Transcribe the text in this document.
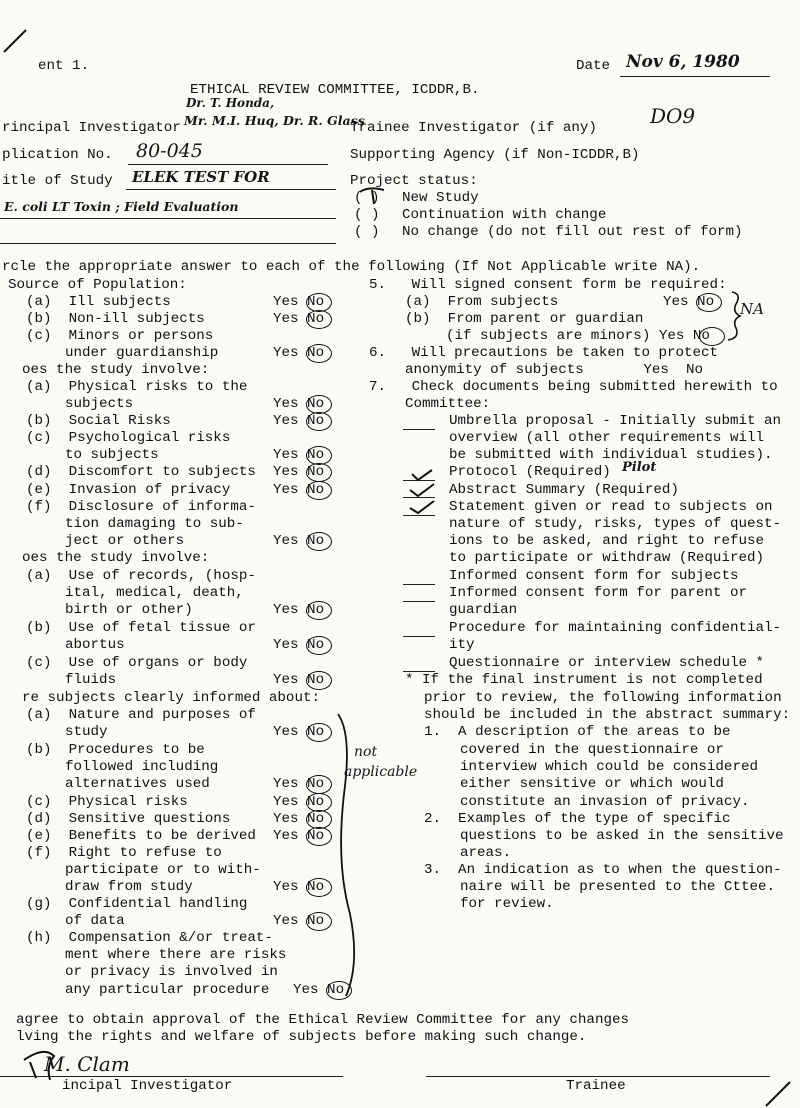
ent 1.	Date Nov 6, 1980
ETHICAL REVIEW COMMITTEE, ICDDR,B.
Dr. T. Honda,
rincipal Investigator Mr. M.I. Huq, Dr. R. Glass
Trainee Investigator (if any)	DO9
plication No. 80-045	Supporting Agency (if Non-ICDDR,B)
itle of Study ELEK TEST FOR	Project status:
E. coli LT Toxin ; Field Evaluation
( ) New Study
( ) Continuation with change
( ) No change (do not fill out rest of form)
rcle the appropriate answer to each of the following (If Not Applicable write NA).
Source of Population:
(a)  Ill subjects	Yes No
(b)  Non-ill subjects	Yes No
(c)  Minors or persons
under guardianship	Yes No
oes the study involve:
(a)  Physical risks to the
subjects	Yes No
(b)  Social Risks	Yes No
(c)  Psychological risks
to subjects	Yes No
(d)  Discomfort to subjects Yes No
(e)  Invasion of privacy	Yes No
(f)  Disclosure of informa-
tion damaging to sub-
ject or others	Yes No
oes the study involve:
(a)  Use of records, (hosp-
ital, medical, death,
birth or other)	Yes No
(b)  Use of fetal tissue or
abortus	Yes No
(c)  Use of organs or body
fluids	Yes No
re subjects clearly informed about:
(a)  Nature and purposes of
study	Yes No
(b)  Procedures to be
followed including
alternatives used	Yes No
(c)  Physical risks	Yes No
(d)  Sensitive questions	Yes No
(e)  Benefits to be derived Yes No
(f)  Right to refuse to
participate or to with-
draw from study	Yes No
(g)  Confidential handling
of data	Yes No
(h)  Compensation &/or treat-
ment where there are risks
or privacy is involved in
any particular procedure Yes No
5.   Will signed consent form be required:
(a)  From subjects	Yes No
(b)  From parent or guardian
(if subjects are minors) Yes No
6.   Will precautions be taken to protect
anonymity of subjects       Yes  No
7.   Check documents being submitted herewith to
Committee:
Umbrella proposal - Initially submit an
overview (all other requirements will
be submitted with individual studies).
Protocol (Required)
Abstract Summary (Required)
Statement given or read to subjects on
nature of study, risks, types of quest-
ions to be asked, and right to refuse
to participate or withdraw (Required)
Informed consent form for subjects
Informed consent form for parent or
guardian
Procedure for maintaining confidential-
ity
Questionnaire or interview schedule *
* If the final instrument is not completed
prior to review, the following information
should be included in the abstract summary:
1.  A description of the areas to be
covered in the questionnaire or
interview which could be considered
either sensitive or which would
constitute an invasion of privacy.
2.  Examples of the type of specific
questions to be asked in the sensitive
areas.
3.  An indication as to when the question-
naire will be presented to the Cttee.
for review.
NA
Pilot
not
applicable
agree to obtain approval of the Ethical Review Committee for any changes
lving the rights and welfare of subjects before making such change.
incipal Investigator	Trainee
M. Clam
